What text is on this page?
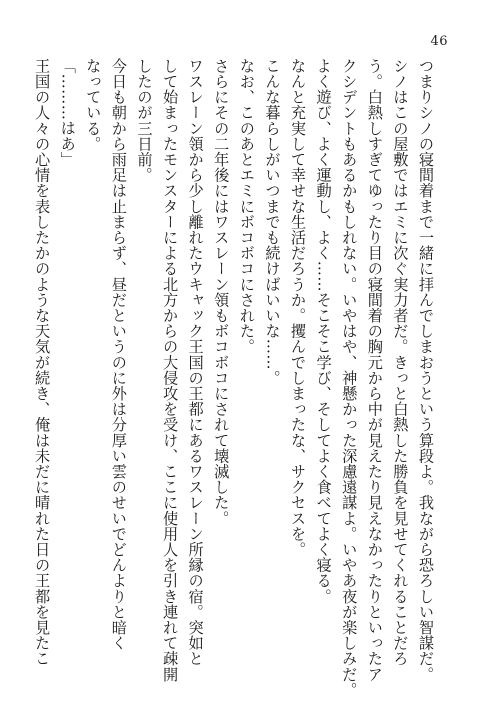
46
つまりシノの寝間着まで一緒に拝んでしまおうという算段よ。我ながら恐ろしい智謀だ。
シノはこの屋敷ではエミに次ぐ実力者だ。きっと白熱した勝負を見せてくれることだろ
う。白熱しすぎてゆったり目の寝間着の胸元から中が見えたり見えなかったりといったア
クシデントもあるかもしれない。いやはや、神懸かった深慮遠謀よ。いやあ夜が楽しみだ。
よく遊び、よく運動し、よく……そこそこ学び、そしてよく食べてよく寝る。
なんと充実して幸せな生活だろうか。攫んでしまったな、サクセスを。
こんな暮らしがいつまでも続けばいいな……。
なお、このあとエミにボコボコにされた。
さらにその二年後にはワスレーン領もボコボコにされて壊滅した。
ワスレーン領から少し離れたウキャック王国の王都にあるワスレーン所縁の宿。突如と
して始まったモンスターによる北方からの大侵攻を受け、ここに使用人を引き連れて疎開
したのが三日前。
今日も朝から雨足は止まらず、昼だというのに外は分厚い雲のせいでどんよりと暗く
なっている。
「………はあ」
王国の人々の心情を表したかのような天気が続き、俺は未だに晴れた日の王都を見たこ
